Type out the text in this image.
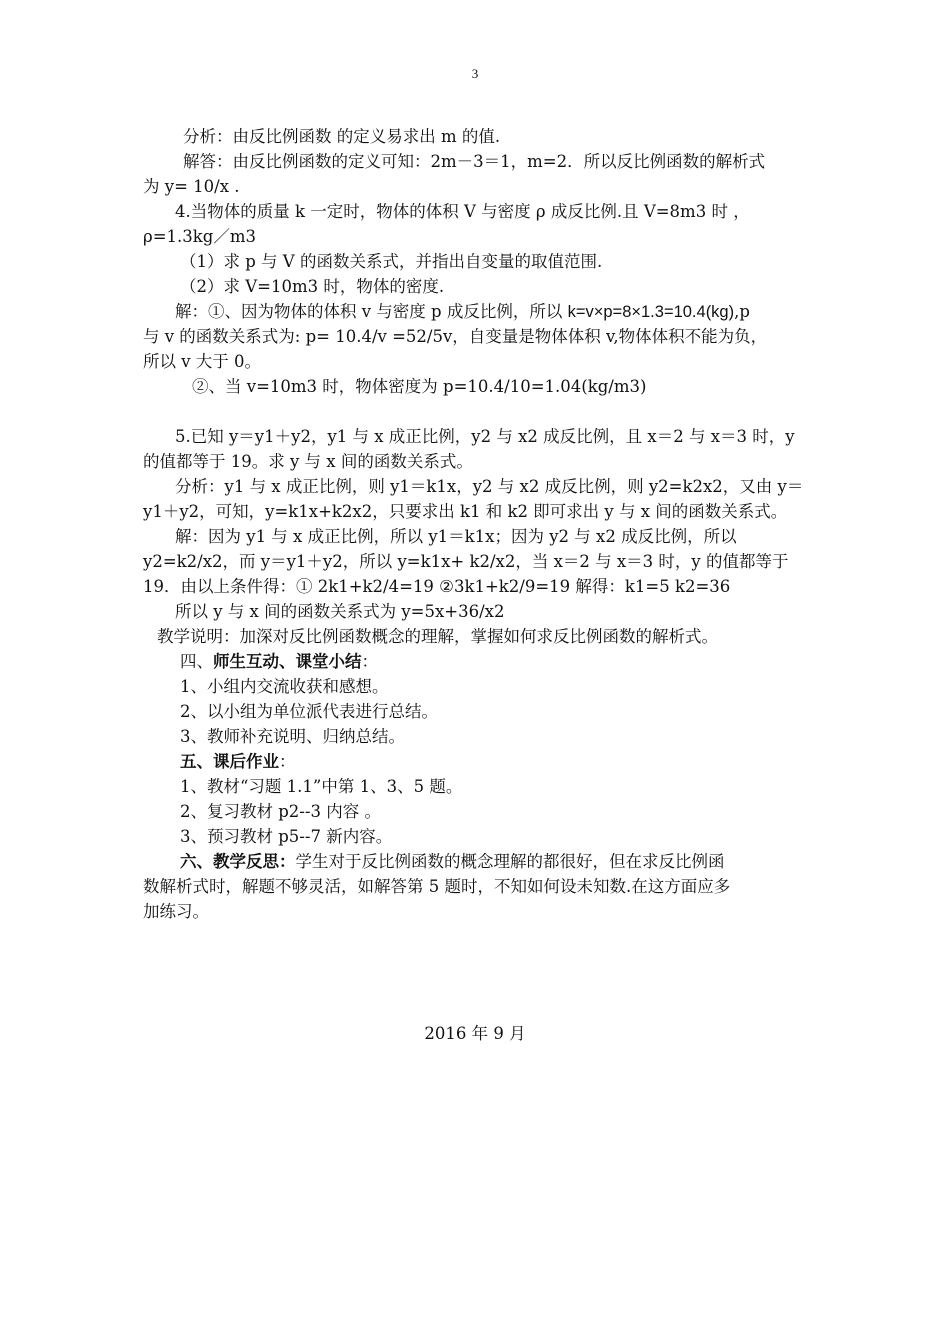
3
分析：由反比例函数 的定义易求出 m 的值.
解答：由反比例函数的定义可知：2m－3＝1，m=2．所以反比例函数的解析式
为 y= 10/x .
4.当物体的质量 k 一定时，物体的体积 V 与密度 ρ 成反比例.且 V=8m3 时 ，
ρ=1.3kg／m3
（1）求 p 与 V 的函数关系式，并指出自变量的取值范围.
（2）求 V=10m3 时，物体的密度.
解：①、因为物体的体积 v 与密度 p 成反比例，所以 k=v×p=8×1.3=10.4(kg),p
与 v 的函数关系式为: p= 10.4/v =52/5v，自变量是物体体积 v,物体体积不能为负，
所以 v 大于 0。
②、当 v=10m3 时，物体密度为 p=10.4/10=1.04(kg/m3)
5.已知 y＝y1＋y2，y1 与 x 成正比例，y2 与 x2 成反比例，且 x＝2 与 x＝3 时，y
的值都等于 19。求 y 与 x 间的函数关系式。
分析：y1 与 x 成正比例，则 y1＝k1x，y2 与 x2 成反比例，则 y2=k2x2，又由 y＝
y1＋y2，可知，y=k1x+k2x2，只要求出 k1 和 k2 即可求出 y 与 x 间的函数关系式。
解：因为 y1 与 x 成正比例，所以 y1＝k1x；因为 y2 与 x2 成反比例，所以
y2=k2/x2，而 y＝y1＋y2，所以 y=k1x+ k2/x2，当 x＝2 与 x＝3 时，y 的值都等于
19．由以上条件得：① 2k1+k2/4=19 ②3k1+k2/9=19 解得：k1=5 k2=36
所以 y 与 x 间的函数关系式为 y=5x+36/x2
教学说明：加深对反比例函数概念的理解，掌握如何求反比例函数的解析式。
四、师生互动、课堂小结：
1、小组内交流收获和感想。
2、以小组为单位派代表进行总结。
3、教师补充说明、归纳总结。
五、课后作业：
1、教材“习题 1.1”中第 1、3、5 题。
2、复习教材 p2--3 内容 。
3、预习教材 p5--7 新内容。
六、教学反思：学生对于反比例函数的概念理解的都很好，但在求反比例函
数解析式时，解题不够灵活，如解答第 5 题时，不知如何设未知数.在这方面应多
加练习。
2016 年 9 月
